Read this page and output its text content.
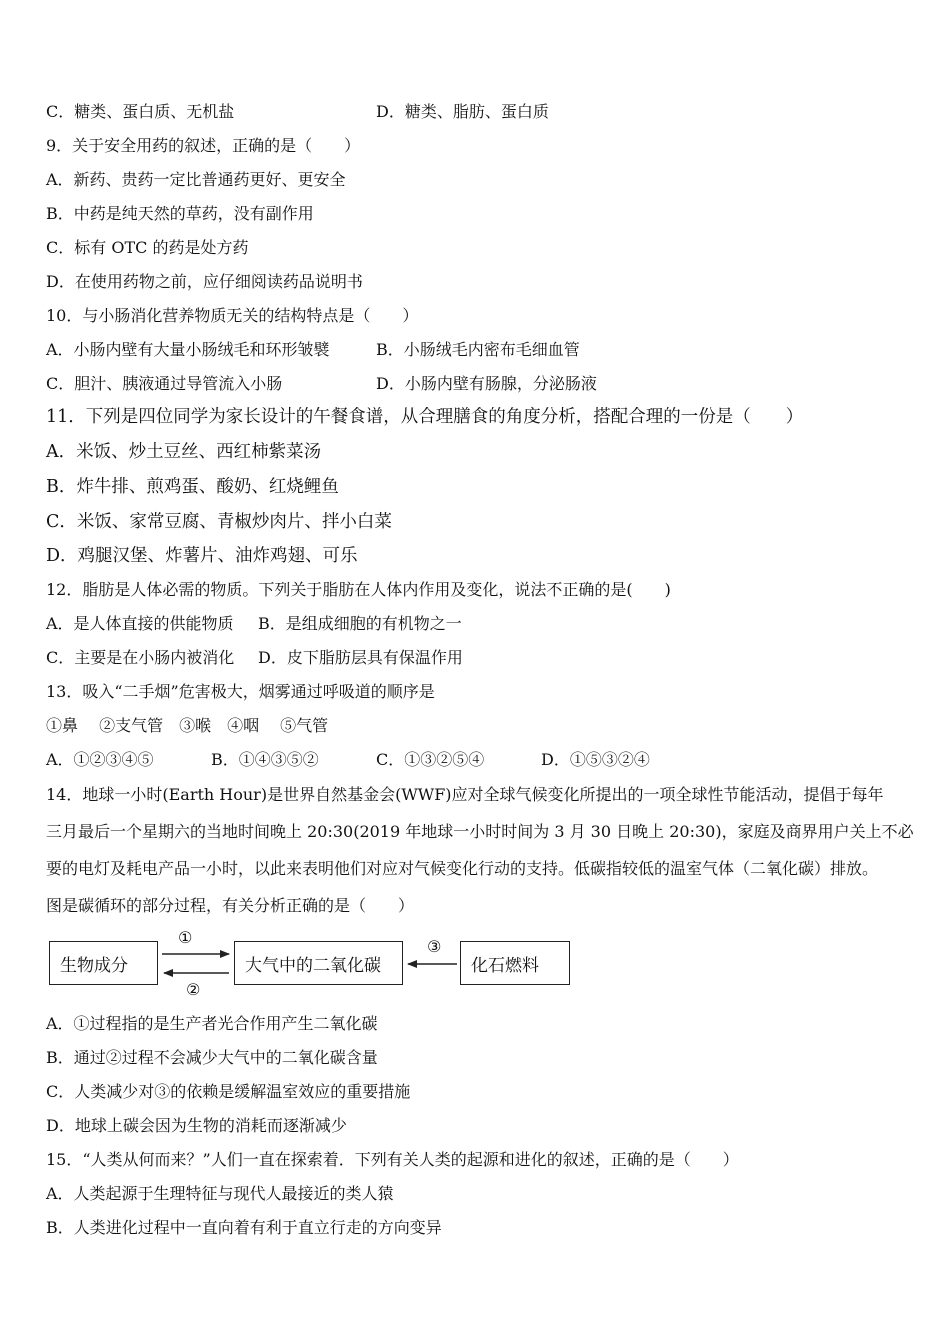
C．糖类、蛋白质、无机盐	D．糖类、脂肪、蛋白质
9．关于安全用药的叙述，正确的是（　　）
A．新药、贵药一定比普通药更好、更安全
B．中药是纯天然的草药，没有副作用
C．标有 OTC 的药是处方药
D．在使用药物之前，应仔细阅读药品说明书
10．与小肠消化营养物质无关的结构特点是（　　）
A．小肠内壁有大量小肠绒毛和环形皱襞	B．小肠绒毛内密布毛细血管
C．胆汁、胰液通过导管流入小肠	D．小肠内壁有肠腺，分泌肠液
11．下列是四位同学为家长设计的午餐食谱，从合理膳食的角度分析，搭配合理的一份是（　　）
A．米饭、炒土豆丝、西红柿紫菜汤
B．炸牛排、煎鸡蛋、酸奶、红烧鲤鱼
C．米饭、家常豆腐、青椒炒肉片、拌小白菜
D．鸡腿汉堡、炸薯片、油炸鸡翅、可乐
12．脂肪是人体必需的物质。下列关于脂肪在人体内作用及变化，说法不正确的是(　　)
A．是人体直接的供能物质 B．是组成细胞的有机物之一
C．主要是在小肠内被消化 D．皮下脂肪层具有保温作用
13．吸入“二手烟”危害极大，烟雾通过呼吸道的顺序是
①鼻　 ②支气管　③喉　④咽　 ⑤气管
A．①②③④⑤	B．①④③⑤②	C．①③②⑤④	D．①⑤③②④
14．地球一小时(Earth Hour)是世界自然基金会(WWF)应对全球气候变化所提出的一项全球性节能活动，提倡于每年
三月最后一个星期六的当地时间晚上 20:30(2019 年地球一小时时间为 3 月 30 日晚上 20:30)，家庭及商界用户关上不必
要的电灯及耗电产品一小时，以此来表明他们对应对气候变化行动的支持。低碳指较低的温室气体（二氧化碳）排放。
图是碳循环的部分过程，有关分析正确的是（　　）
生物成分	大气中的二氧化碳	化石燃料
①
②
③
A．①过程指的是生产者光合作用产生二氧化碳
B．通过②过程不会减少大气中的二氧化碳含量
C．人类减少对③的依赖是缓解温室效应的重要措施
D．地球上碳会因为生物的消耗而逐渐减少
15．“人类从何而来？”人们一直在探索着．下列有关人类的起源和进化的叙述，正确的是（　　）
A．人类起源于生理特征与现代人最接近的类人猿
B．人类进化过程中一直向着有利于直立行走的方向变异
